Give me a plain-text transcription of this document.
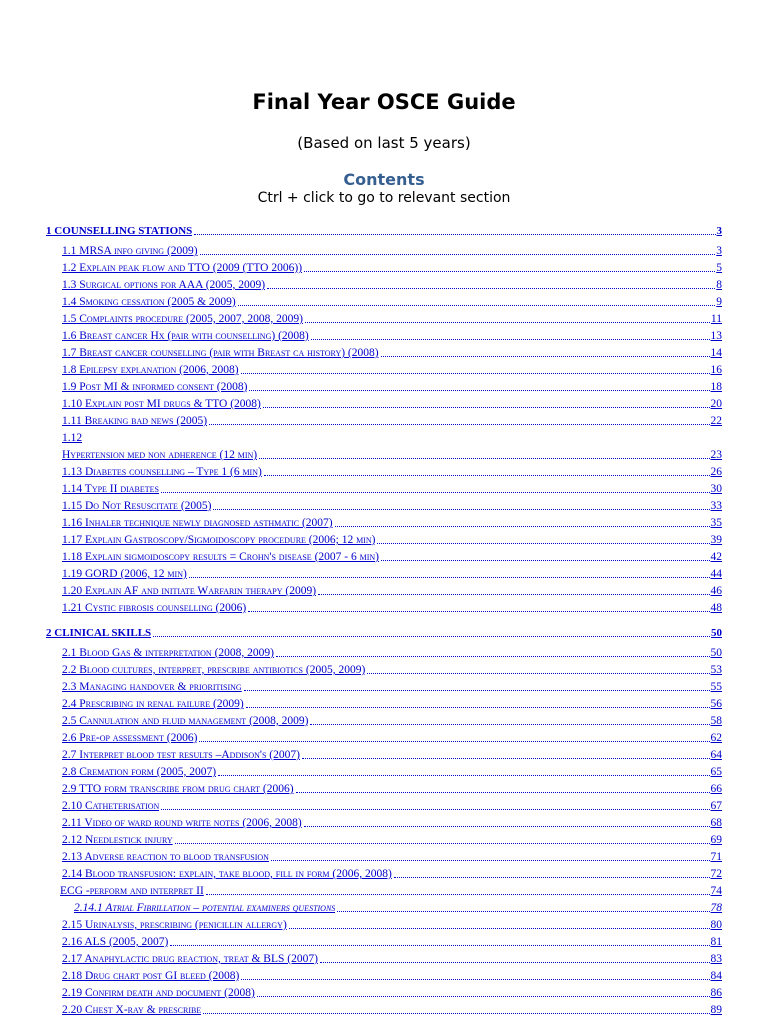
Final Year OSCE Guide
(Based on last 5 years)
Contents
Ctrl + click to go to relevant section
1 COUNSELLING STATIONS	3
1.1 MRSA info giving (2009)	3
1.2 Explain peak flow and TTO (2009 (TTO 2006))	5
1.3 Surgical options for AAA (2005, 2009)	8
1.4 Smoking cessation (2005 & 2009)	9
1.5 Complaints procedure (2005, 2007, 2008, 2009)	11
1.6 Breast cancer Hx (pair with counselling) (2008)	13
1.7 Breast cancer counselling (pair with Breast ca history) (2008)	14
1.8 Epilepsy explanation (2006, 2008)	16
1.9 Post MI & informed consent (2008)	18
1.10 Explain post MI drugs & TTO (2008)	20
1.11 Breaking bad news (2005)	22
1.12
Hypertension med non adherence (12 min)	23
1.13 Diabetes counselling – Type 1 (6 min)	26
1.14 Type II diabetes	30
1.15 Do Not Resuscitate (2005)	33
1.16 Inhaler technique newly diagnosed asthmatic (2007)	35
1.17 Explain Gastroscopy/Sigmoidoscopy procedure (2006; 12 min)	39
1.18 Explain sigmoidoscopy results = Crohn's disease (2007 - 6 min)	42
1.19 GORD (2006, 12 min)	44
1.20 Explain AF and initiate Warfarin therapy (2009)	46
1.21 Cystic fibrosis counselling (2006)	48
2 CLINICAL SKILLS	50
2.1 Blood Gas & interpretation (2008, 2009)	50
2.2 Blood cultures, interpret, prescribe antibiotics (2005, 2009)	53
2.3 Managing handover & prioritising	55
2.4 Prescribing in renal failure (2009)	56
2.5 Cannulation and fluid management (2008, 2009)	58
2.6 Pre-op assessment (2006)	62
2.7 Interpret blood test results –Addison's (2007)	64
2.8 Cremation form (2005, 2007)	65
2.9 TTO form transcribe from drug chart (2006)	66
2.10 Catheterisation	67
2.11 Video of ward round write notes (2006, 2008)	68
2.12 Needlestick injury	69
2.13 Adverse reaction to blood transfusion	71
2.14 Blood transfusion: explain, take blood, fill in form (2006, 2008)	72
ECG -perform and interpret II	74
2.14.1 Atrial Fibrillation – potential examiners questions	78
2.15 Urinalysis, prescribing (penicillin allergy)	80
2.16 ALS (2005, 2007)	81
2.17 Anaphylactic drug reaction, treat & BLS (2007)	83
2.18 Drug chart post GI bleed (2008)	84
2.19 Confirm death and document (2008)	86
2.20 Chest X-ray & prescribe	89
